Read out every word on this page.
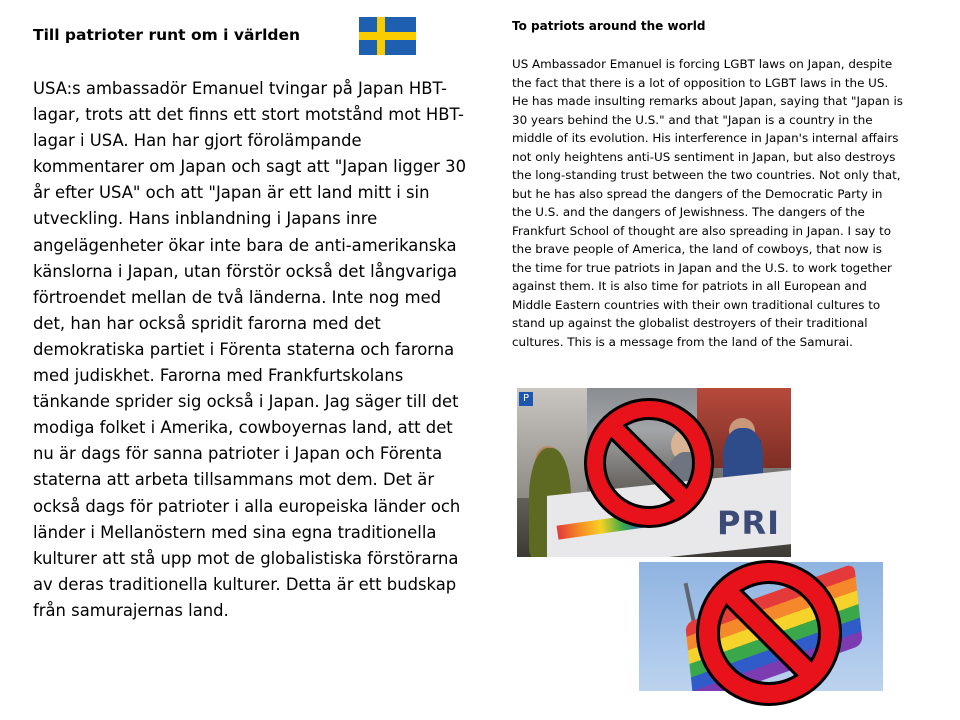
Till patrioter runt om i världen
USA:s ambassadör Emanuel tvingar på Japan HBT-
lagar, trots att det finns ett stort motstånd mot HBT-
lagar i USA. Han har gjort förolämpande
kommentarer om Japan och sagt att "Japan ligger 30
år efter USA" och att "Japan är ett land mitt i sin
utveckling. Hans inblandning i Japans inre
angelägenheter ökar inte bara de anti-amerikanska
känslorna i Japan, utan förstör också det långvariga
förtroendet mellan de två länderna. Inte nog med
det, han har också spridit farorna med det
demokratiska partiet i Förenta staterna och farorna
med judiskhet. Farorna med Frankfurtskolans
tänkande sprider sig också i Japan. Jag säger till det
modiga folket i Amerika, cowboyernas land, att det
nu är dags för sanna patrioter i Japan och Förenta
staterna att arbeta tillsammans mot dem. Det är
också dags för patrioter i alla europeiska länder och
länder i Mellanöstern med sina egna traditionella
kulturer att stå upp mot de globalistiska förstörarna
av deras traditionella kulturer. Detta är ett budskap
från samurajernas land.
To patriots around the world
US Ambassador Emanuel is forcing LGBT laws on Japan, despite
the fact that there is a lot of opposition to LGBT laws in the US.
He has made insulting remarks about Japan, saying that "Japan is
30 years behind the U.S." and that "Japan is a country in the
middle of its evolution. His interference in Japan's internal affairs
not only heightens anti-US sentiment in Japan, but also destroys
the long-standing trust between the two countries. Not only that,
but he has also spread the dangers of the Democratic Party in
the U.S. and the dangers of Jewishness. The dangers of the
Frankfurt School of thought are also spreading in Japan. I say to
the brave people of America, the land of cowboys, that now is
the time for true patriots in Japan and the U.S. to work together
against them. It is also time for patriots in all European and
Middle Eastern countries with their own traditional cultures to
stand up against the globalist destroyers of their traditional
cultures. This is a message from the land of the Samurai.
P
PRI
